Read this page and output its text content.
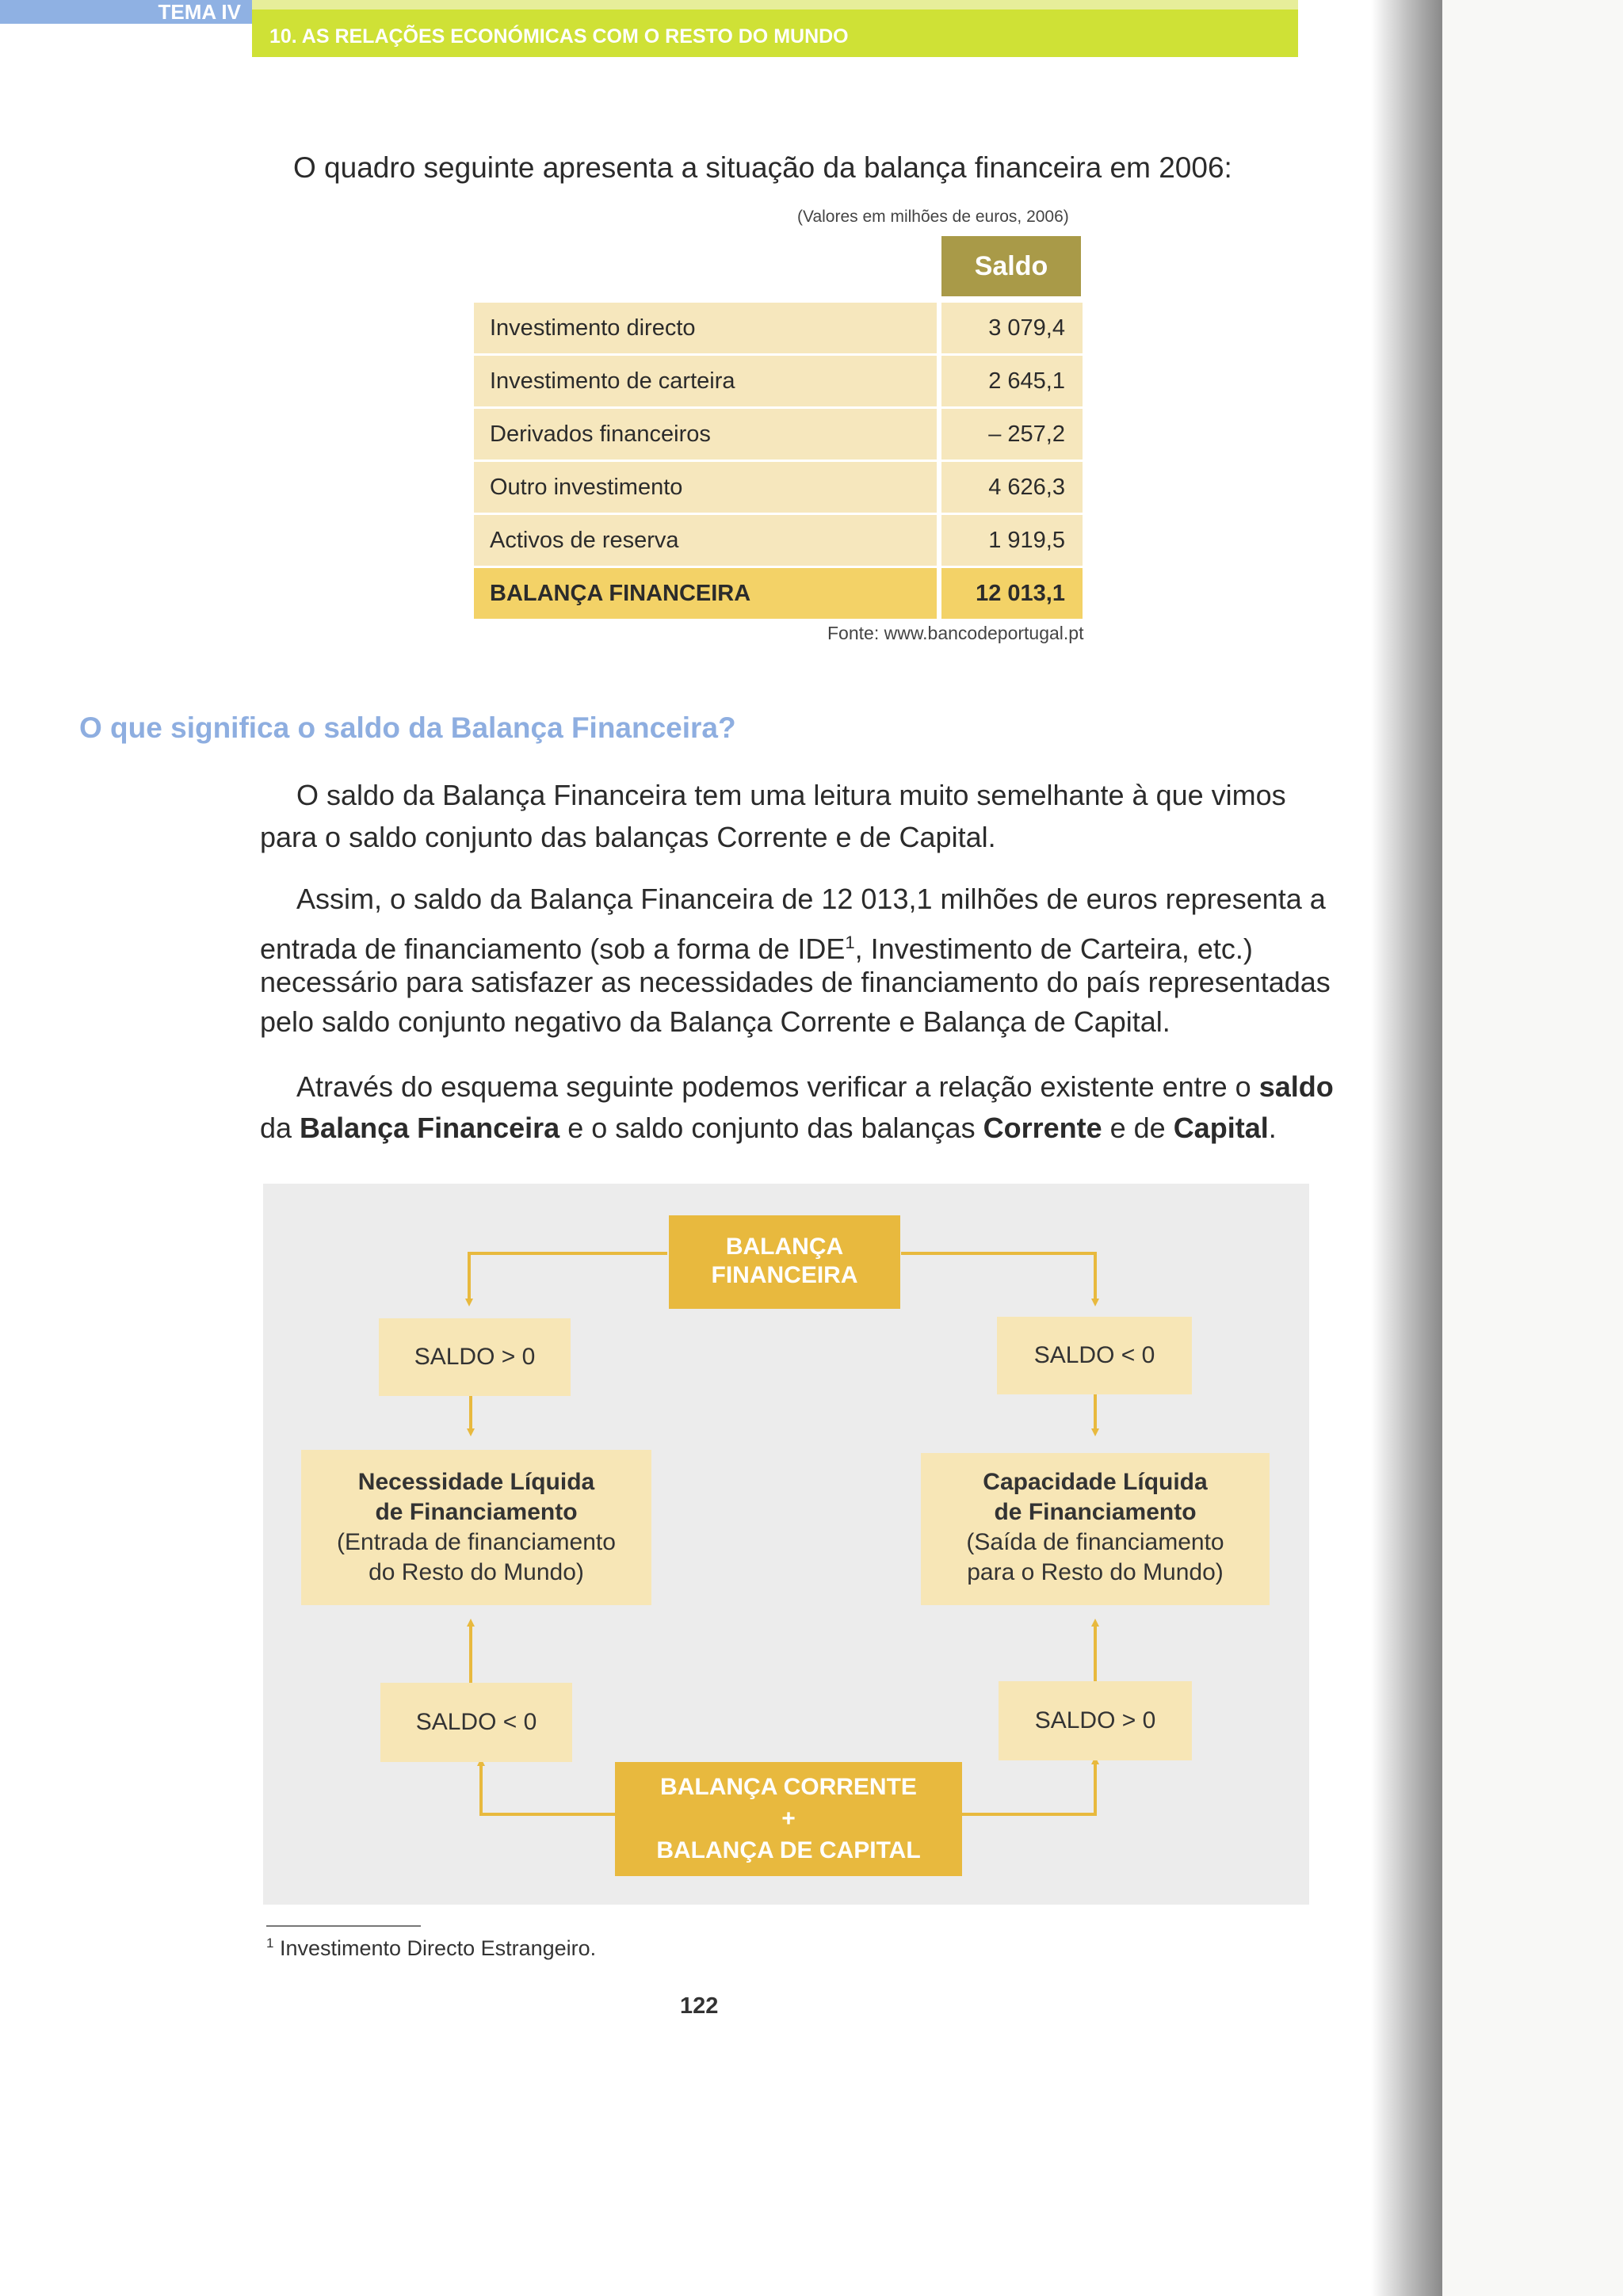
TEMA IV
10. AS RELAÇÕES ECONÓMICAS COM O RESTO DO MUNDO
O quadro seguinte apresenta a situação da balança financeira em 2006:
(Valores em milhões de euros, 2006)
Saldo
Investimento directo	3 079,4
Investimento de carteira	2 645,1
Derivados financeiros	– 257,2
Outro investimento	4 626,3
Activos de reserva	1 919,5
BALANÇA FINANCEIRA	12 013,1
Fonte: www.bancodeportugal.pt
O que significa o saldo da Balança Financeira?
O saldo da Balança Financeira tem uma leitura muito semelhante à que vimos
para o saldo conjunto das balanças Corrente e de Capital.
Assim, o saldo da Balança Financeira de 12 013,1 milhões de euros representa a
entrada de financiamento (sob a forma de IDE$^1$, Investimento de Carteira, etc.)
necessário para satisfazer as necessidades de financiamento do país representadas
pelo saldo conjunto negativo da Balança Corrente e Balança de Capital.
Através do esquema seguinte podemos verificar a relação existente entre o saldo
da Balança Financeira e o saldo conjunto das balanças Corrente e de Capital.
BALANÇA
FINANCEIRA
SALDO > 0	SALDO < 0
Necessidade Líquida
de Financiamento
(Entrada de financiamento
do Resto do Mundo)
Capacidade Líquida
de Financiamento
(Saída de financiamento
para o Resto do Mundo)
SALDO < 0	SALDO > 0
BALANÇA CORRENTE
+
BALANÇA DE CAPITAL
$^1$ Investimento Directo Estrangeiro.
122
